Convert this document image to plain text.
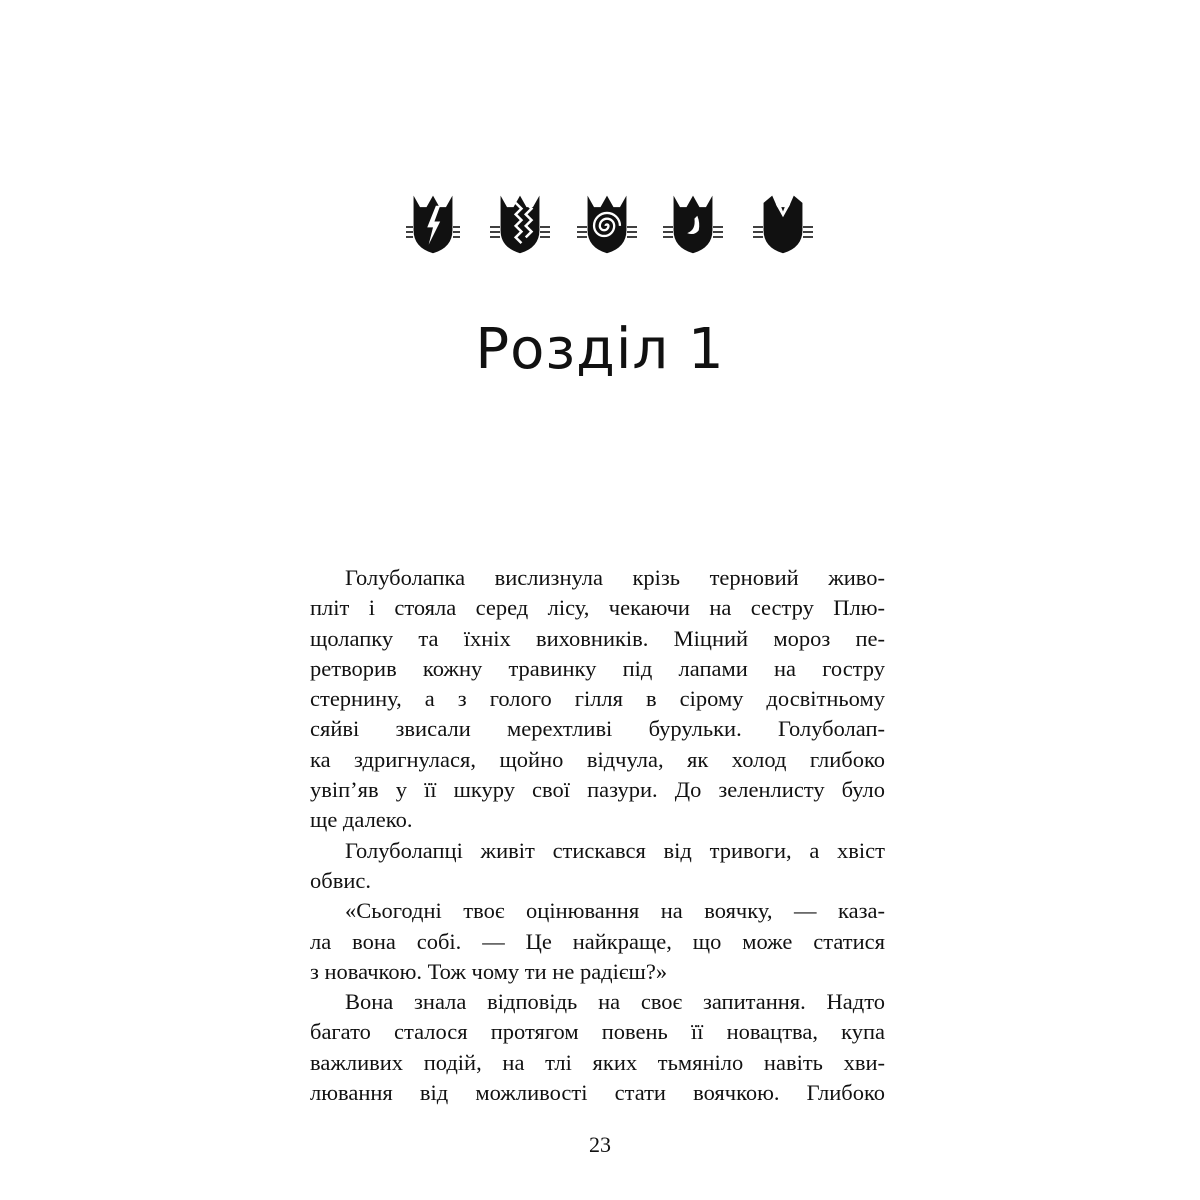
Розділ 1
Голуболапка вислизнула крізь терновий живо-
пліт і стояла серед лісу, чекаючи на сестру Плю-
щолапку та їхніх виховників. Міцний мороз пе-
ретворив кожну травинку під лапами на гостру
стернину, а з голого гілля в сірому досвітньому
сяйві звисали мерехтливі бурульки. Голуболап-
ка здригнулася, щойно відчула, як холод глибоко
увіп’яв у її шкуру свої пазури. До зеленлисту було
ще далеко.
Голуболапці живіт стискався від тривоги, а хвіст
обвис.
«Сьогодні твоє оцінювання на воячку, — каза-
ла вона собі. — Це найкраще, що може статися
з новачкою. Тож чому ти не радієш?»
Вона знала відповідь на своє запитання. Надто
багато сталося протягом повень її новацтва, купа
важливих подій, на тлі яких тьмяніло навіть хви-
лювання від можливості стати воячкою. Глибоко

23
